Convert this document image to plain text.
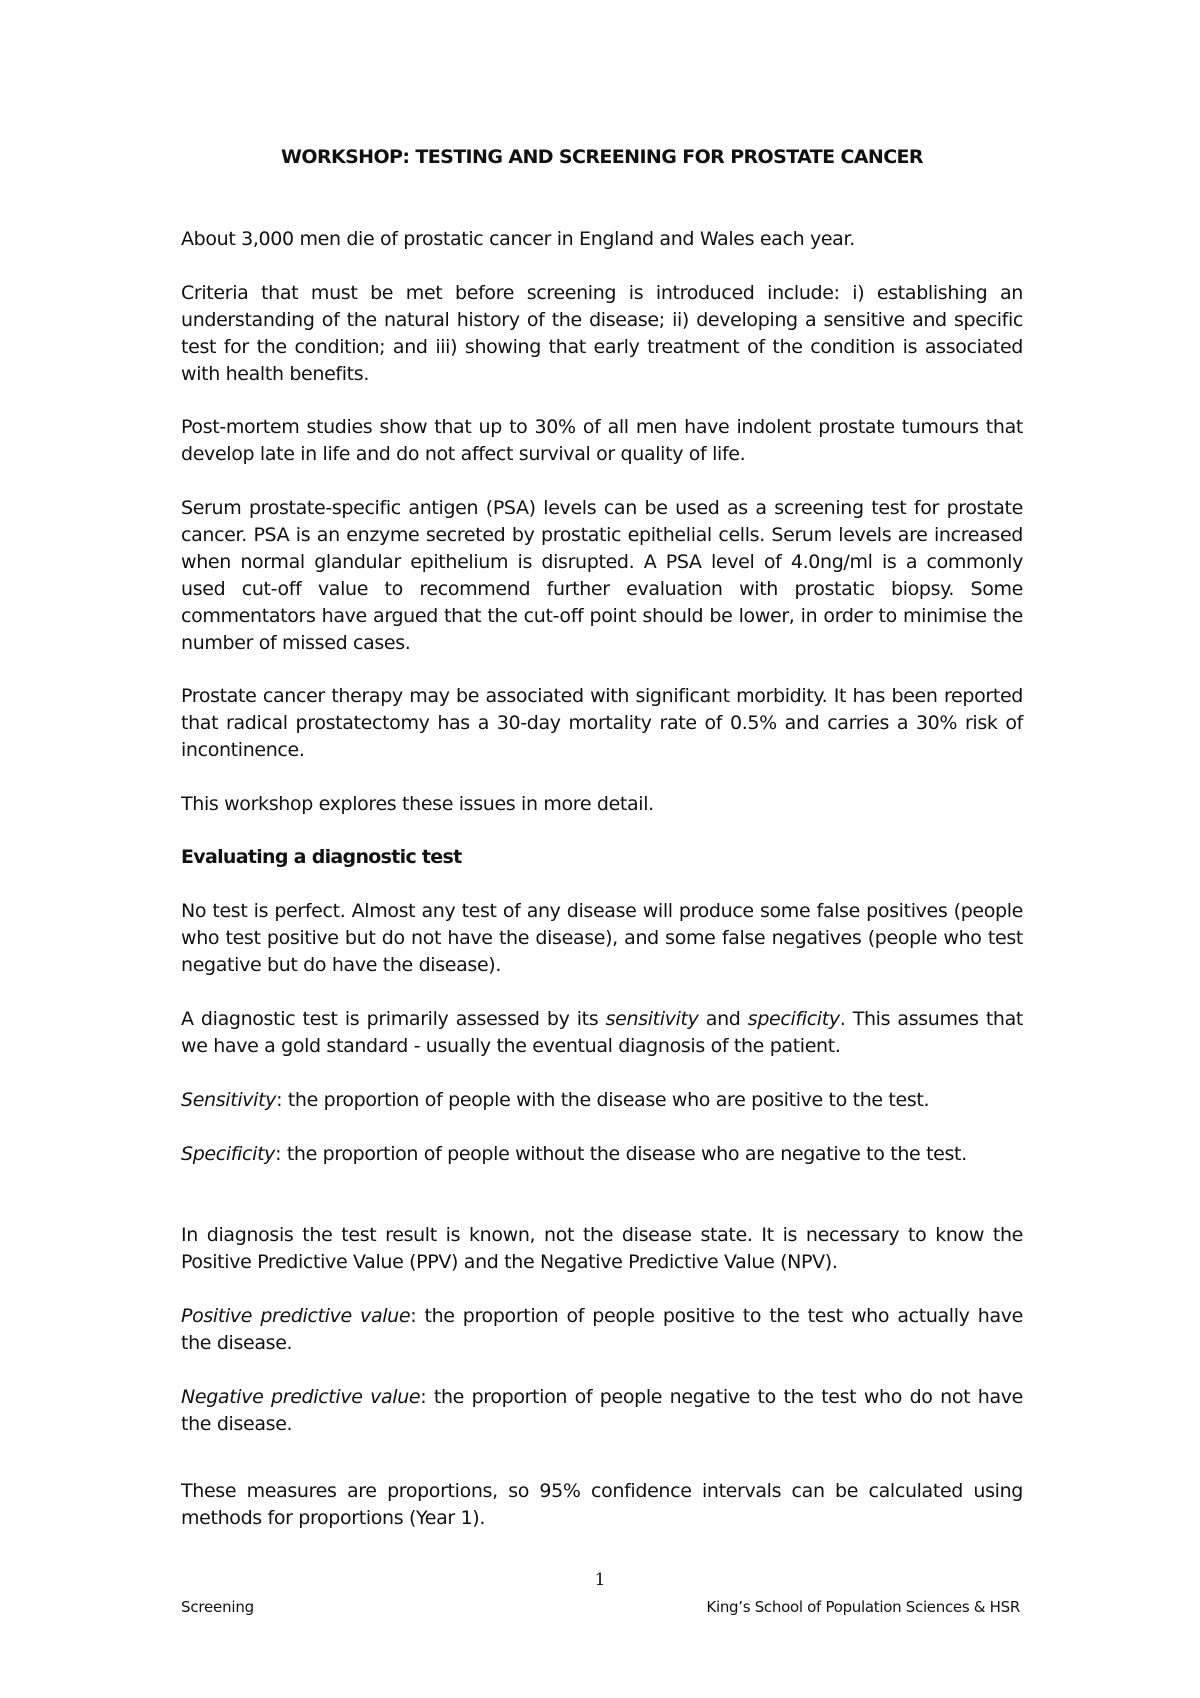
WORKSHOP: TESTING AND SCREENING FOR PROSTATE CANCER

About 3,000 men die of prostatic cancer in England and Wales each year.

Criteria that must be met before screening is introduced include: i) establishing an understanding of the natural history of the disease; ii) developing a sensitive and specific test for the condition; and iii) showing that early treatment of the condition is associated with health benefits.

Post-mortem studies show that up to 30% of all men have indolent prostate tumours that develop late in life and do not affect survival or quality of life.

Serum prostate-specific antigen (PSA) levels can be used as a screening test for prostate cancer. PSA is an enzyme secreted by prostatic epithelial cells. Serum levels are increased when normal glandular epithelium is disrupted. A PSA level of 4.0ng/ml is a commonly used cut-off value to recommend further evaluation with prostatic biopsy. Some commentators have argued that the cut-off point should be lower, in order to minimise the number of missed cases.

Prostate cancer therapy may be associated with significant morbidity. It has been reported that radical prostatectomy has a 30-day mortality rate of 0.5% and carries a 30% risk of incontinence.

This workshop explores these issues in more detail.

Evaluating a diagnostic test

No test is perfect. Almost any test of any disease will produce some false positives (people who test positive but do not have the disease), and some false negatives (people who test negative but do have the disease).

A diagnostic test is primarily assessed by its sensitivity and specificity. This assumes that we have a gold standard - usually the eventual diagnosis of the patient.

Sensitivity: the proportion of people with the disease who are positive to the test.

Specificity: the proportion of people without the disease who are negative to the test.

In diagnosis the test result is known, not the disease state. It is necessary to know the Positive Predictive Value (PPV) and the Negative Predictive Value (NPV).

Positive predictive value: the proportion of people positive to the test who actually have the disease.

Negative predictive value: the proportion of people negative to the test who do not have the disease.

These measures are proportions, so 95% confidence intervals can be calculated using methods for proportions (Year 1).

1
Screening	King’s School of Population Sciences & HSR
